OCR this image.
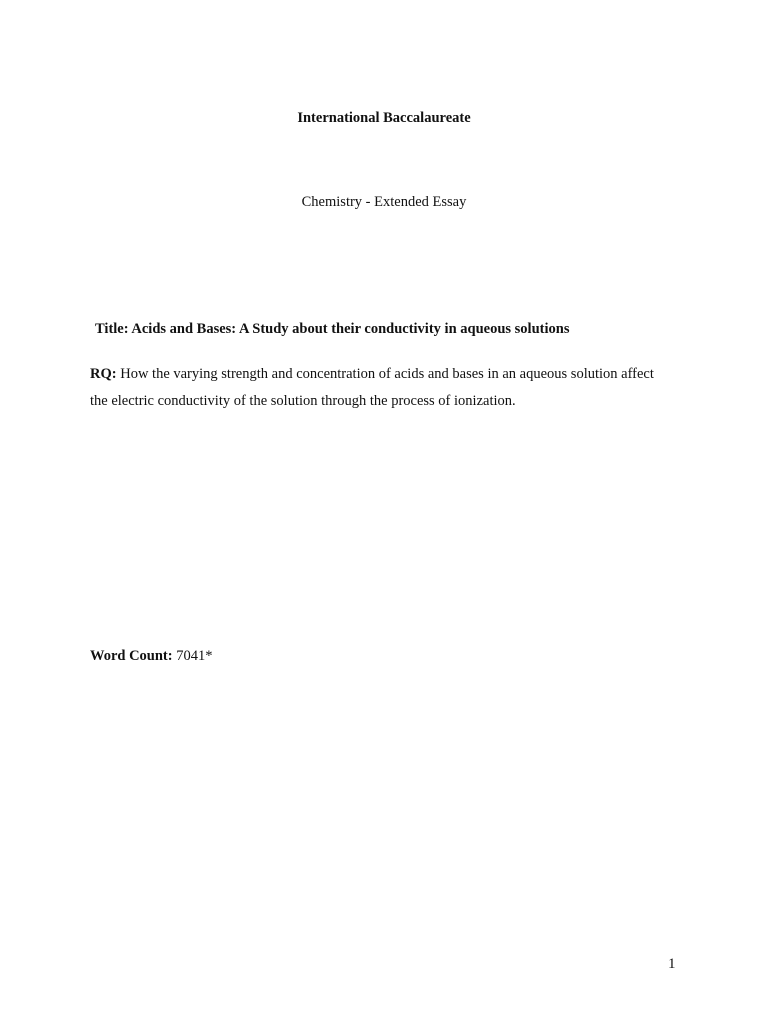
International Baccalaureate
Chemistry - Extended Essay
Title: Acids and Bases: A Study about their conductivity in aqueous solutions
RQ: How the varying strength and concentration of acids and bases in an aqueous solution affect
the electric conductivity of the solution through the process of ionization.
Word Count: 7041*
1
